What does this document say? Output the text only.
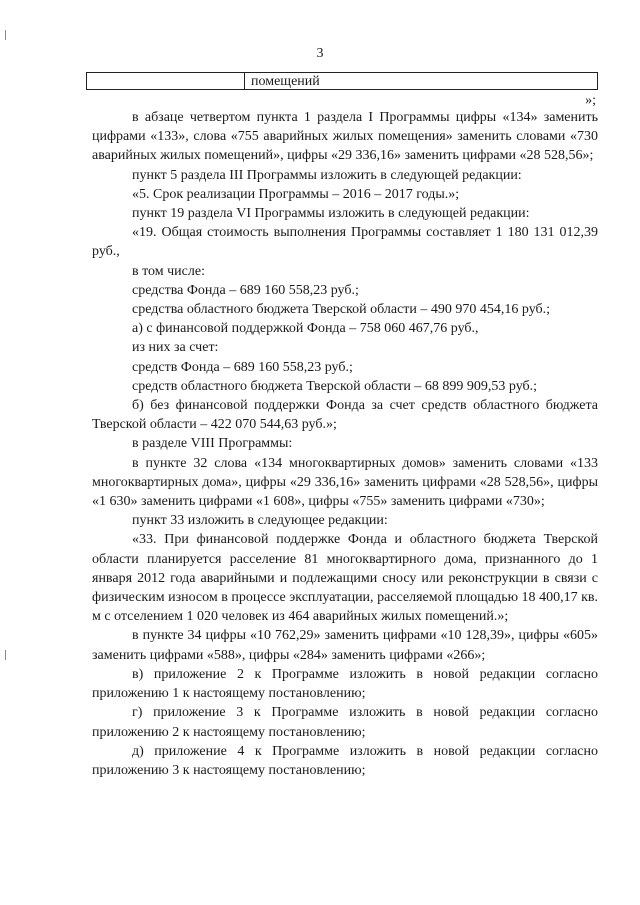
3
помещений
»;

в абзаце четвертом пункта 1 раздела I Программы цифры «134» заменить цифрами «133», слова «755 аварийных жилых помещения» заменить словами «730 аварийных жилых помещений», цифры «29 336,16» заменить цифрами «28 528,56»;

пункт 5 раздела III Программы изложить в следующей редакции:

«5. Срок реализации Программы – 2016 – 2017 годы.»;

пункт 19 раздела VI Программы изложить в следующей редакции:

«19. Общая стоимость выполнения Программы составляет 1 180 131 012,39 руб.,

в том числе:

средства Фонда – 689 160 558,23 руб.;

средства областного бюджета Тверской области – 490 970 454,16 руб.;

а) с финансовой поддержкой Фонда – 758 060 467,76 руб.,

из них за счет:

средств Фонда – 689 160 558,23 руб.;

средств областного бюджета Тверской области – 68 899 909,53 руб.;

б) без финансовой поддержки Фонда за счет средств областного бюджета Тверской области – 422 070 544,63 руб.»;

в разделе VIII Программы:

в пункте 32 слова «134 многоквартирных домов» заменить словами «133 многоквартирных дома», цифры «29 336,16» заменить цифрами «28 528,56», цифры «1 630» заменить цифрами «1 608», цифры «755» заменить цифрами «730»;

пункт 33 изложить в следующее редакции:

«33. При финансовой поддержке Фонда и областного бюджета Тверской области планируется расселение 81 многоквартирного дома, признанного до 1 января 2012 года аварийными и подлежащими сносу или реконструкции в связи с физическим износом в процессе эксплуатации, расселяемой площадью 18 400,17 кв. м с отселением 1 020 человек из 464 аварийных жилых помещений.»;

в пункте 34 цифры «10 762,29» заменить цифрами «10 128,39», цифры «605» заменить цифрами «588», цифры «284» заменить цифрами «266»;

в) приложение 2 к Программе изложить в новой редакции согласно приложению 1 к настоящему постановлению;

г) приложение 3 к Программе изложить в новой редакции согласно приложению 2 к настоящему постановлению;

д) приложение 4 к Программе изложить в новой редакции согласно приложению 3 к настоящему постановлению;
